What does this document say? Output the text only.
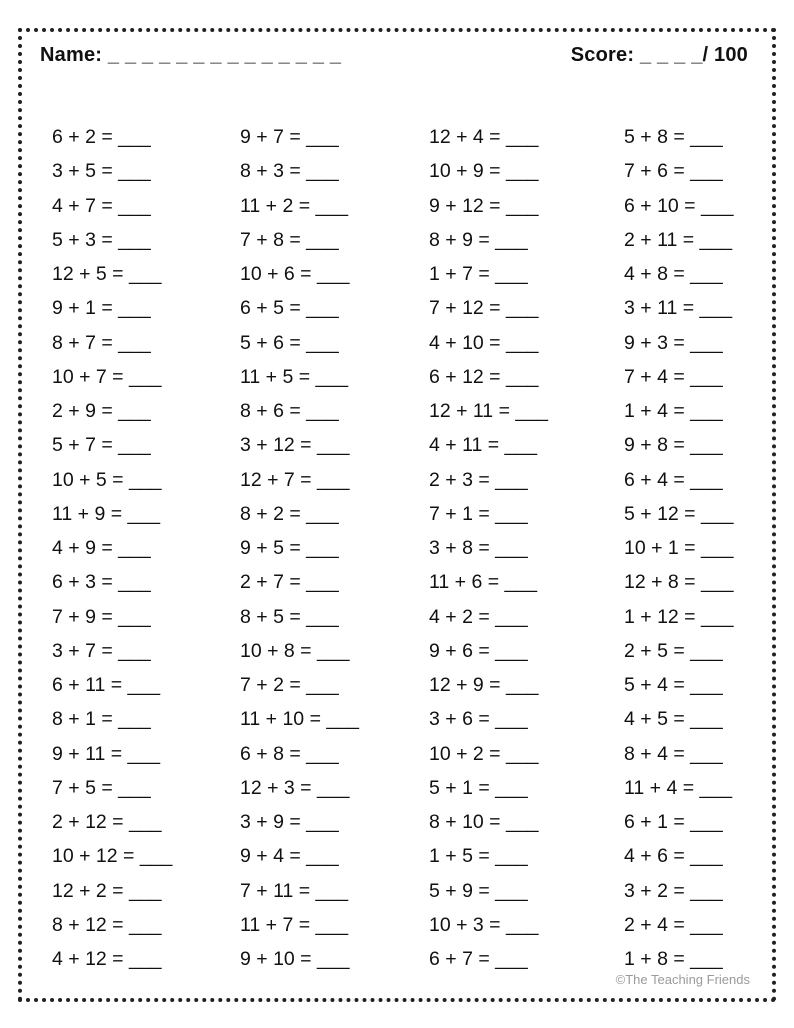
Name: _ _ _ _ _ _ _ _ _ _ _ _ _ _	Score: _ _ _ _/ 100
6 + 2 = ___
3 + 5 = ___
4 + 7 = ___
5 + 3 = ___
12 + 5 = ___
9 + 1 = ___
8 + 7 = ___
10 + 7 = ___
2 + 9 = ___
5 + 7 = ___
10 + 5 = ___
11 + 9 = ___
4 + 9 = ___
6 + 3 = ___
7 + 9 = ___
3 + 7 = ___
6 + 11 = ___
8 + 1 = ___
9 + 11 = ___
7 + 5 = ___
2 + 12 = ___
10 + 12 = ___
12 + 2 = ___
8 + 12 = ___
4 + 12 = ___
9 + 7 = ___
8 + 3 = ___
11 + 2 = ___
7 + 8 = ___
10 + 6 = ___
6 + 5 = ___
5 + 6 = ___
11 + 5 = ___
8 + 6 = ___
3 + 12 = ___
12 + 7 = ___
8 + 2 = ___
9 + 5 = ___
2 + 7 = ___
8 + 5 = ___
10 + 8 = ___
7 + 2 = ___
11 + 10 = ___
6 + 8 = ___
12 + 3 = ___
3 + 9 = ___
9 + 4 = ___
7 + 11 = ___
11 + 7 = ___
9 + 10 = ___
12 + 4 = ___
10 + 9 = ___
9 + 12 = ___
8 + 9 = ___
1 + 7 = ___
7 + 12 = ___
4 + 10 = ___
6 + 12 = ___
12 + 11 = ___
4 + 11 = ___
2 + 3 = ___
7 + 1 = ___
3 + 8 = ___
11 + 6 = ___
4 + 2 = ___
9 + 6 = ___
12 + 9 = ___
3 + 6 = ___
10 + 2 = ___
5 + 1 = ___
8 + 10 = ___
1 + 5 = ___
5 + 9 = ___
10 + 3 = ___
6 + 7 = ___
5 + 8 = ___
7 + 6 = ___
6 + 10 = ___
2 + 11 = ___
4 + 8 = ___
3 + 11 = ___
9 + 3 = ___
7 + 4 = ___
1 + 4 = ___
9 + 8 = ___
6 + 4 = ___
5 + 12 = ___
10 + 1 = ___
12 + 8 = ___
1 + 12 = ___
2 + 5 = ___
5 + 4 = ___
4 + 5 = ___
8 + 4 = ___
11 + 4 = ___
6 + 1 = ___
4 + 6 = ___
3 + 2 = ___
2 + 4 = ___
1 + 8 = ___
©The Teaching Friends
